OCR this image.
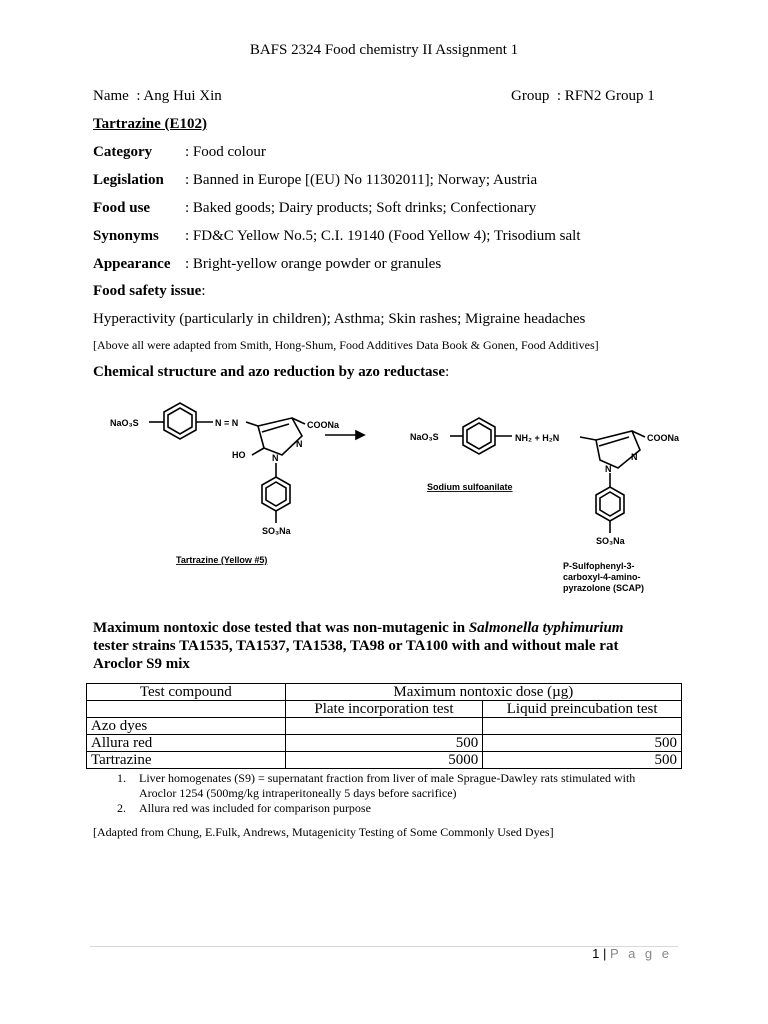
BAFS 2324 Food chemistry II Assignment 1
Name : Ang Hui Xin	Group : RFN2 Group 1
Tartrazine (E102)
Category : Food colour
Legislation : Banned in Europe [(EU) No 11302011]; Norway; Austria
Food use : Baked goods; Dairy products; Soft drinks; Confectionary
Synonyms : FD&C Yellow No.5; C.I. 19140 (Food Yellow 4); Trisodium salt
Appearance : Bright-yellow orange powder or granules
Food safety issue:
Hyperactivity (particularly in children); Asthma; Skin rashes; Migraine headaches
[Above all were adapted from Smith, Hong-Shum, Food Additives Data Book & Gonen, Food Additives]
Chemical structure and azo reduction by azo reductase:
NaO₃S	N = N	COONa
HO	N
N
SO₃Na
Tartrazine (Yellow #5)
NaO₃S	NH₂ + H₂N	COONa
N
N
Sodium sulfoanilate
SO₃Na
P-Sulfophenyl-3-
carboxyl-4-amino-
pyrazolone (SCAP)
Maximum nontoxic dose tested that was non-mutagenic in Salmonella typhimurium
tester strains TA1535, TA1537, TA1538, TA98 or TA100 with and without male rat
Aroclor S9 mix
Test compound	Maximum nontoxic dose (µg)	
	Plate incorporation test	Liquid preincubation test
Azo dyes		
Allura red	500	500
Tartrazine	5000	500
1. Liver homogenates (S9) = supernatant fraction from liver of male Sprague-Dawley rats stimulated with
Aroclor 1254 (500mg/kg intraperitoneally 5 days before sacrifice)
2. Allura red was included for comparison purpose
[Adapted from Chung, E.Fulk, Andrews, Mutagenicity Testing of Some Commonly Used Dyes]
1 | P a g e
